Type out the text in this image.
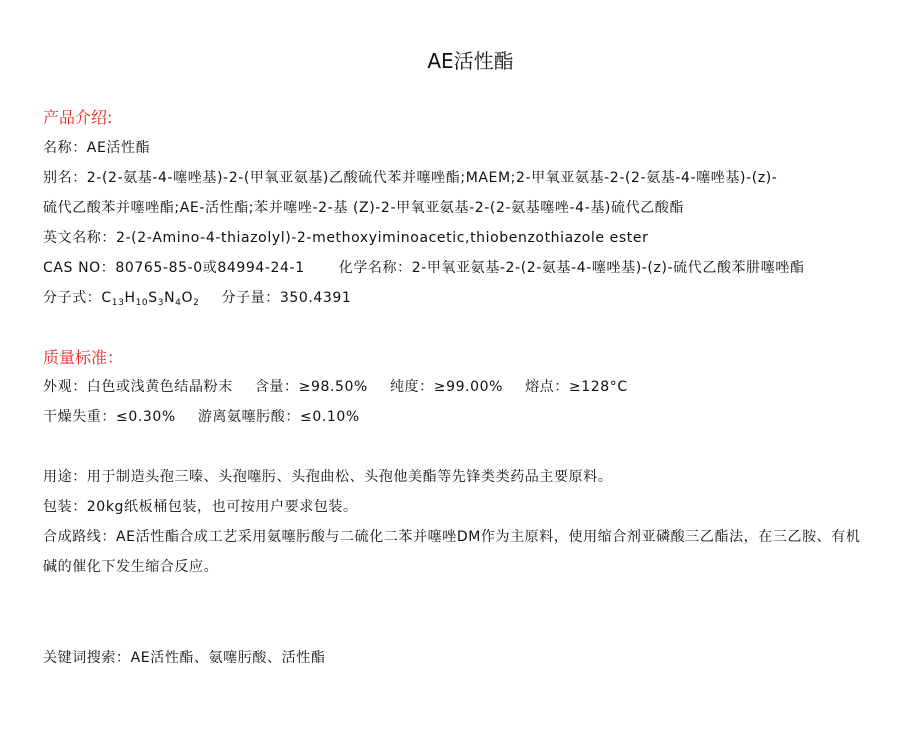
AE活性酯
产品介绍:
名称：AE活性酯
别名：2-(2-氨基-4-噻唑基)-2-(甲氧亚氨基)乙酸硫代苯并噻唑酯;MAEM;2-甲氧亚氨基-2-(2-氨基-4-噻唑基)-(z)-
硫代乙酸苯并噻唑酯;AE-活性酯;苯并噻唑-2-基 (Z)-2-甲氧亚氨基-2-(2-氨基噻唑-4-基)硫代乙酸酯
英文名称：2-(2-Amino-4-thiazolyl)-2-methoxyiminoacetic,thiobenzothiazole ester
CAS NO：80765-85-0或84994-24-1 化学名称：2-甲氧亚氨基-2-(2-氨基-4-噻唑基)-(z)-硫代乙酸苯肼噻唑酯
分子式：$C_{13}H_{10}S_3N_4O_2$ 分子量：350.4391
质量标准：
外观：白色或浅黄色结晶粉末 含量：≥98.50% 纯度：≥99.00% 熔点：≥128°C
干燥失重：≤0.30% 游离氨噻肟酸：≤0.10%
用途：用于制造头孢三嗪、头孢噻肟、头孢曲松、头孢他美酯等先锋类类药品主要原料。
包装：20kg纸板桶包装，也可按用户要求包装。
合成路线：AE活性酯合成工艺采用氨噻肟酸与二硫化二苯并噻唑DM作为主原料，使用缩合剂亚磷酸三乙酯法，在三乙胺、有机碱的催化下发生缩合反应。
关键词搜索：AE活性酯、氨噻肟酸、活性酯
